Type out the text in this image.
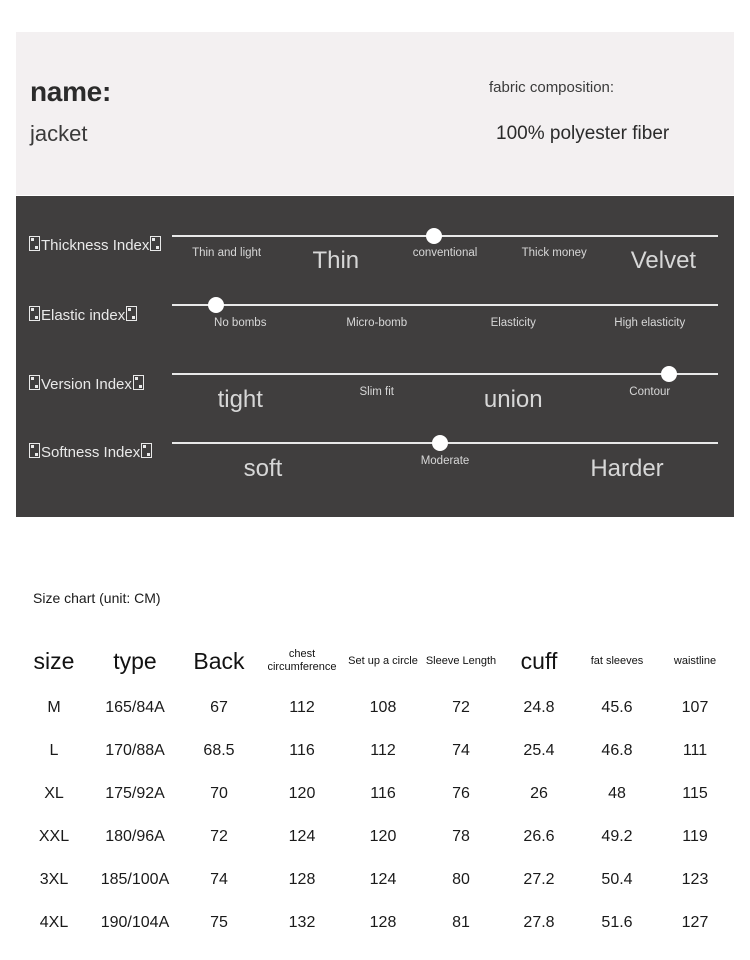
name:
jacket
fabric composition:
100% polyester fiber
Thickness Index	Thin and light	Thin	conventional	Thick money	Velvet
Elastic index	No bombs	Micro-bomb	Elasticity	High elasticity
Version Index
tight	Slim fit	union	Contour
Softness Index
soft	Moderate	Harder
Size chart (unit: CM)
size	type	Back	chest circumference	Set up a circle	Sleeve Length	cuff	fat sleeves	waistline
M	165/84A	67	112	108	72	24.8	45.6	107
L	170/88A	68.5	116	112	74	25.4	46.8	111
XL	175/92A	70	120	116	76	26	48	115
XXL	180/96A	72	124	120	78	26.6	49.2	119
3XL	185/100A	74	128	124	80	27.2	50.4	123
4XL	190/104A	75	132	128	81	27.8	51.6	127
